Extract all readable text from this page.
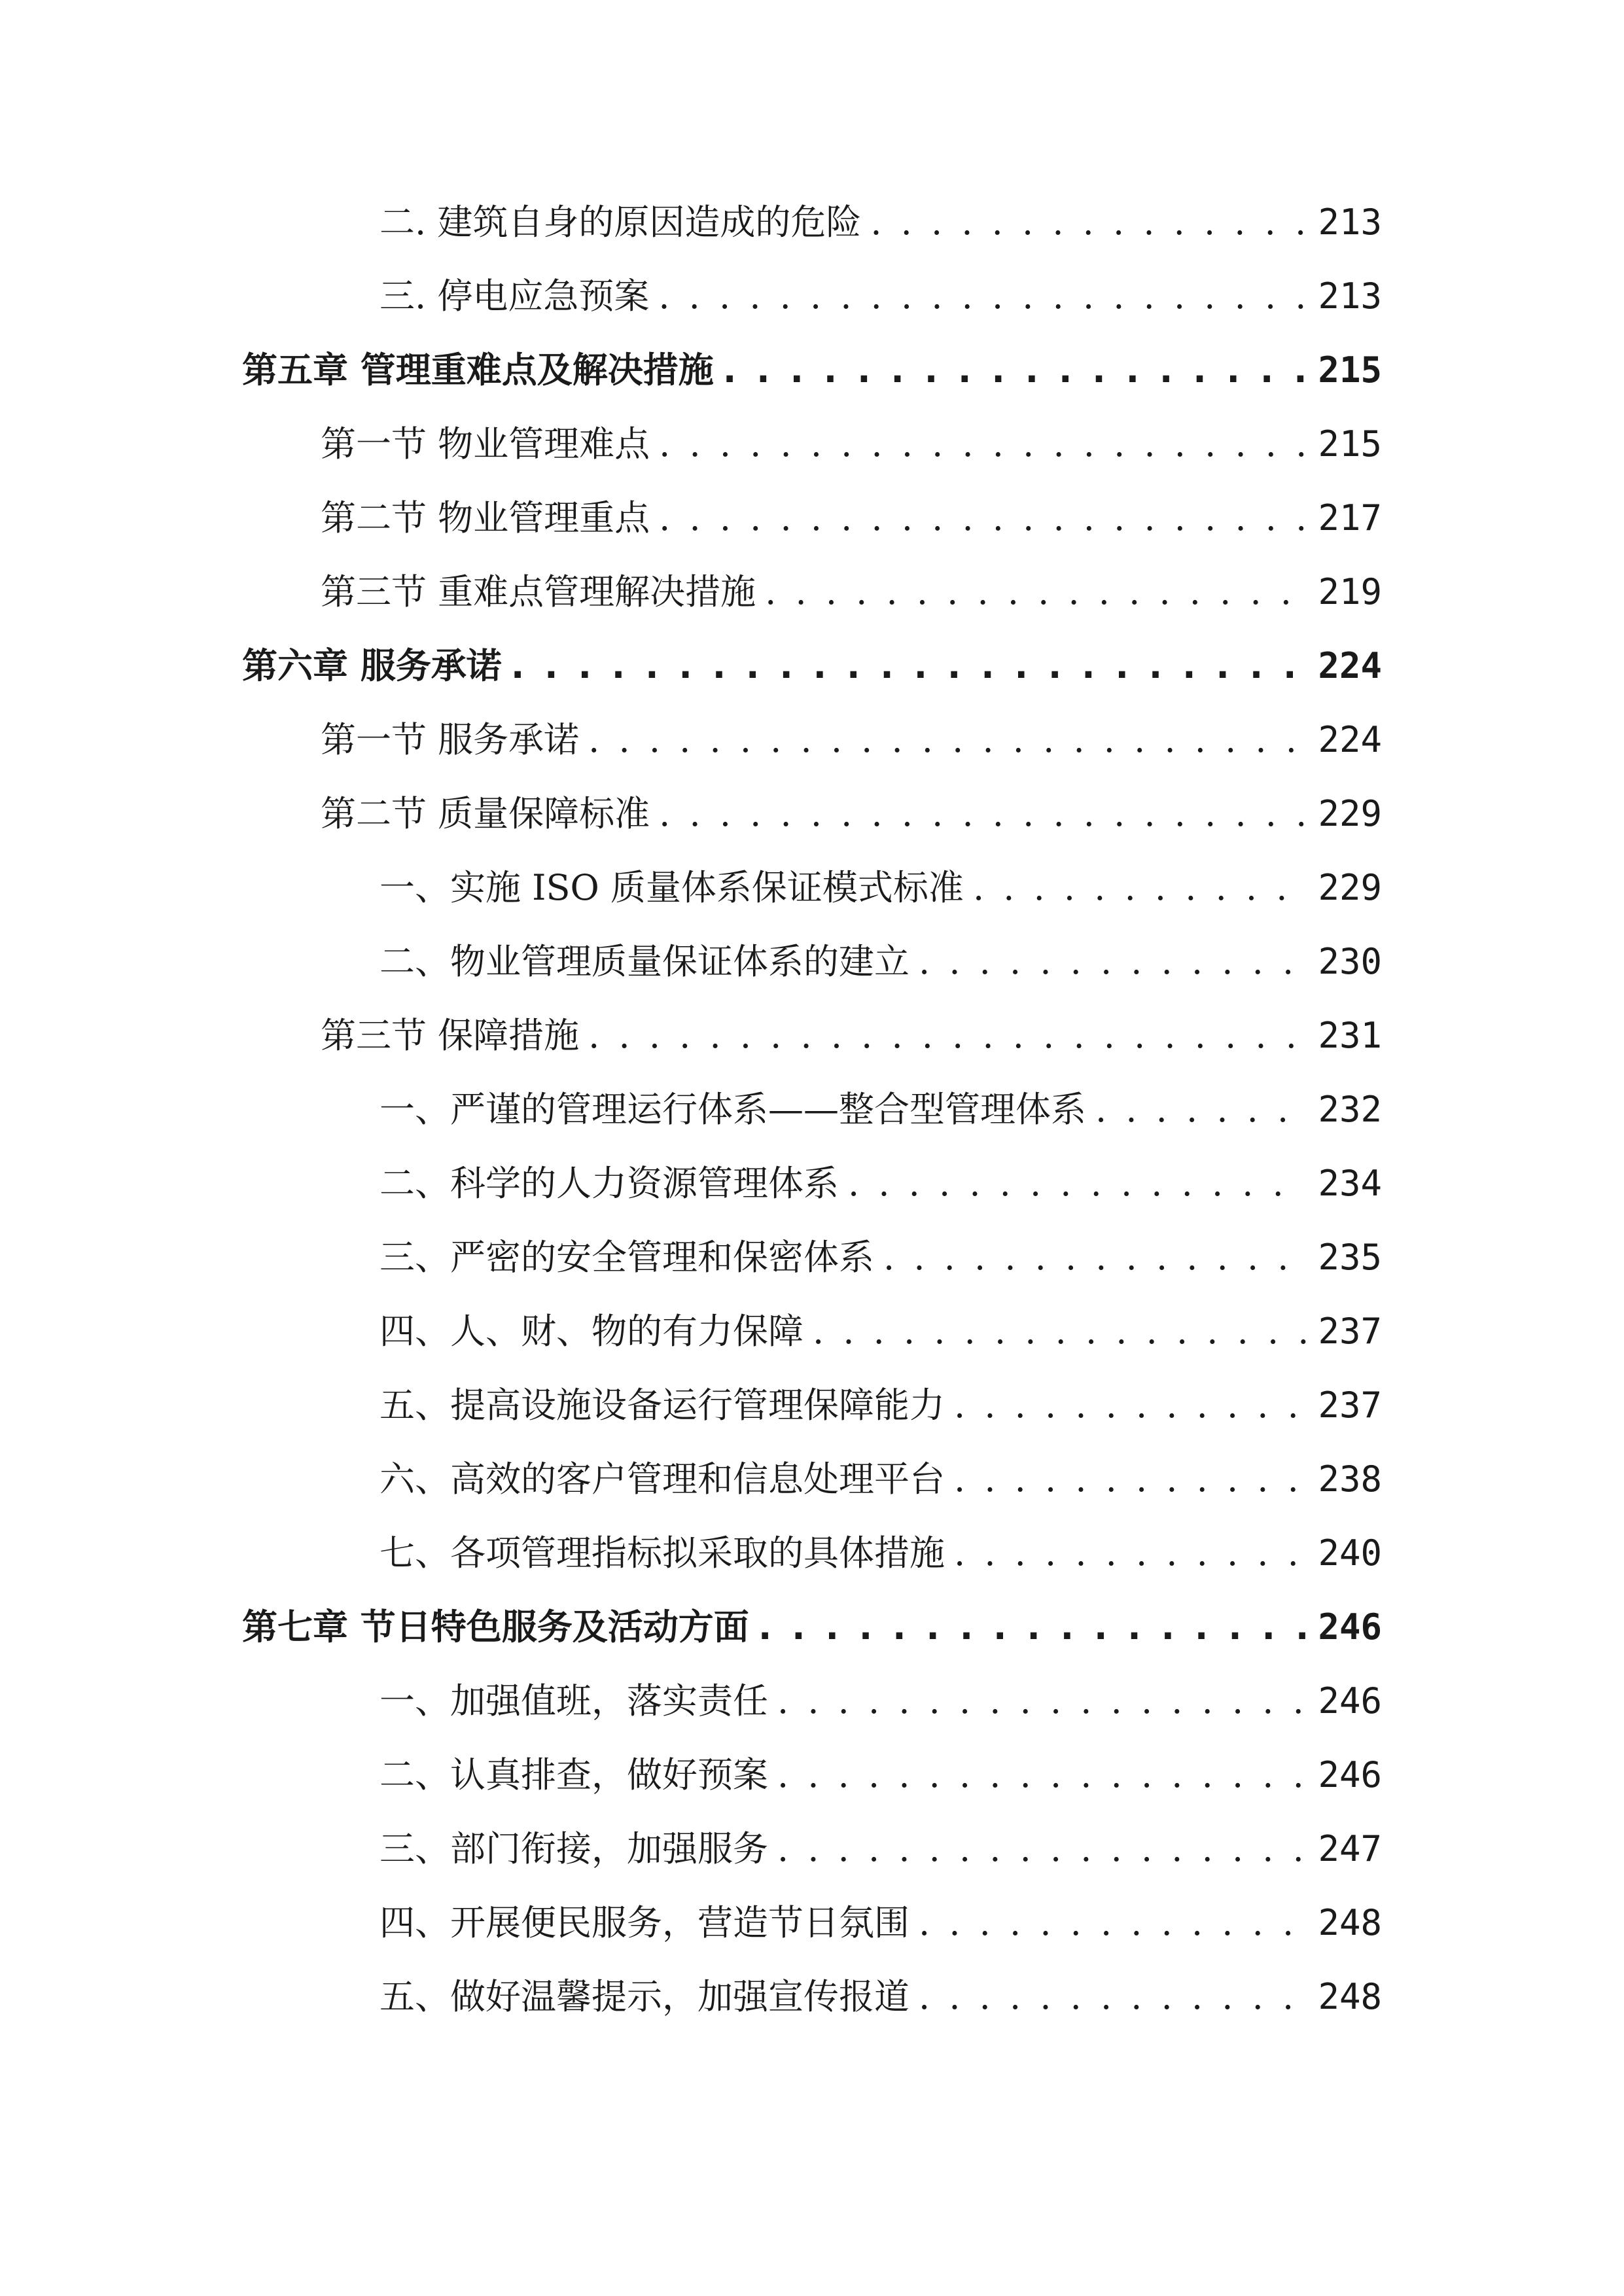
二. 建筑自身的原因造成的危险 . . .	213
三. 停电应急预案 . . .	213
第五章 管理重难点及解决措施 . . .	215
第一节 物业管理难点 . . .	215
第二节 物业管理重点 . . .	217
第三节 重难点管理解决措施 . . .	219
第六章 服务承诺 . . .	224
第一节 服务承诺 . . .	224
第二节 质量保障标准 . . .	229
一、实施 ISO 质量体系保证模式标准 . . .	229
二、物业管理质量保证体系的建立 . . .	230
第三节 保障措施 . . .	231
一、严谨的管理运行体系——整合型管理体系 . . .	232
二、科学的人力资源管理体系 . . .	234
三、严密的安全管理和保密体系 . . .	235
四、人、财、物的有力保障 . . .	237
五、提高设施设备运行管理保障能力 . . .	237
六、高效的客户管理和信息处理平台 . . .	238
七、各项管理指标拟采取的具体措施 . . .	240
第七章 节日特色服务及活动方面 . . .	246
一、加强值班，落实责任 . . .	246
二、认真排查，做好预案 . . .	246
三、部门衔接，加强服务 . . .	247
四、开展便民服务，营造节日氛围 . . .	248
五、做好温馨提示，加强宣传报道 . . .	248
